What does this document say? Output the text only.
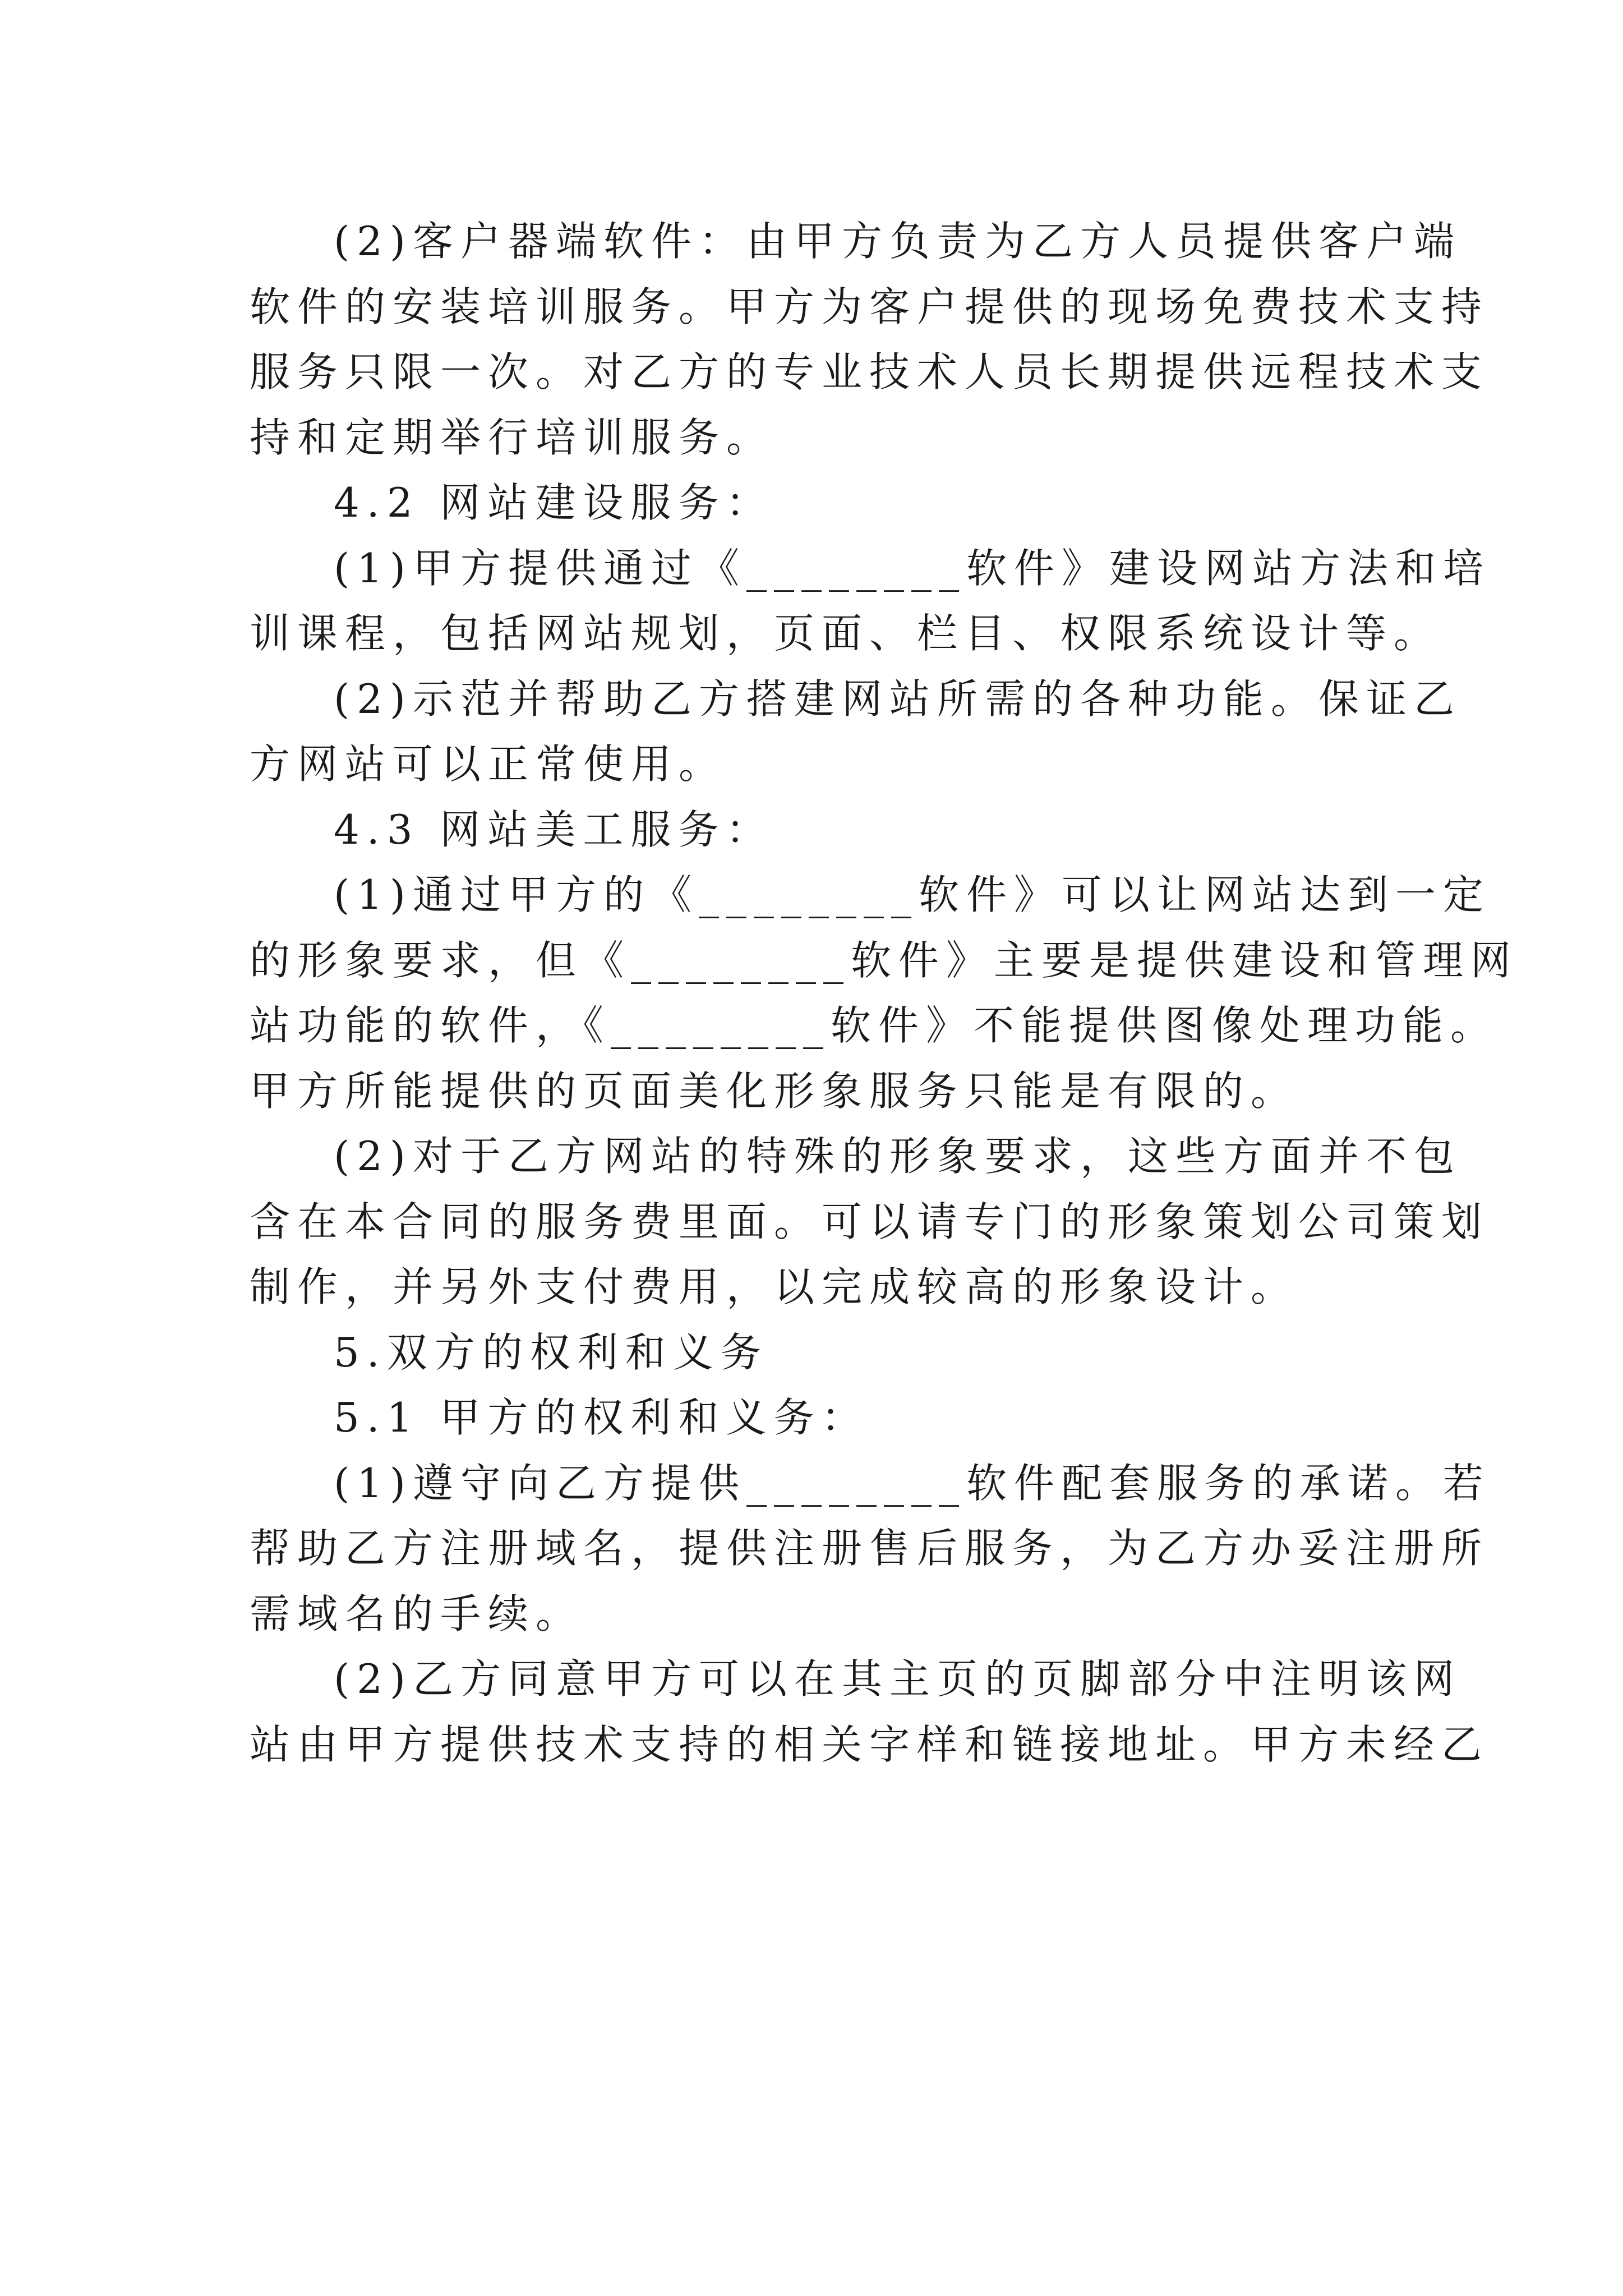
(2)客户器端软件：由甲方负责为乙方人员提供客户端
软件的安装培训服务。甲方为客户提供的现场免费技术支持
服务只限一次。对乙方的专业技术人员长期提供远程技术支
持和定期举行培训服务。
4.2 网站建设服务：
(1)甲方提供通过《________软件》建设网站方法和培
训课程，包括网站规划，页面、栏目、权限系统设计等。
(2)示范并帮助乙方搭建网站所需的各种功能。保证乙
方网站可以正常使用。
4.3 网站美工服务：
(1)通过甲方的《________软件》可以让网站达到一定
的形象要求，但《________软件》主要是提供建设和管理网
站功能的软件，《________软件》不能提供图像处理功能。
甲方所能提供的页面美化形象服务只能是有限的。
(2)对于乙方网站的特殊的形象要求，这些方面并不包
含在本合同的服务费里面。可以请专门的形象策划公司策划
制作，并另外支付费用，以完成较高的形象设计。
5.双方的权利和义务
5.1 甲方的权利和义务：
(1)遵守向乙方提供________软件配套服务的承诺。若
帮助乙方注册域名，提供注册售后服务，为乙方办妥注册所
需域名的手续。
(2)乙方同意甲方可以在其主页的页脚部分中注明该网
站由甲方提供技术支持的相关字样和链接地址。甲方未经乙
